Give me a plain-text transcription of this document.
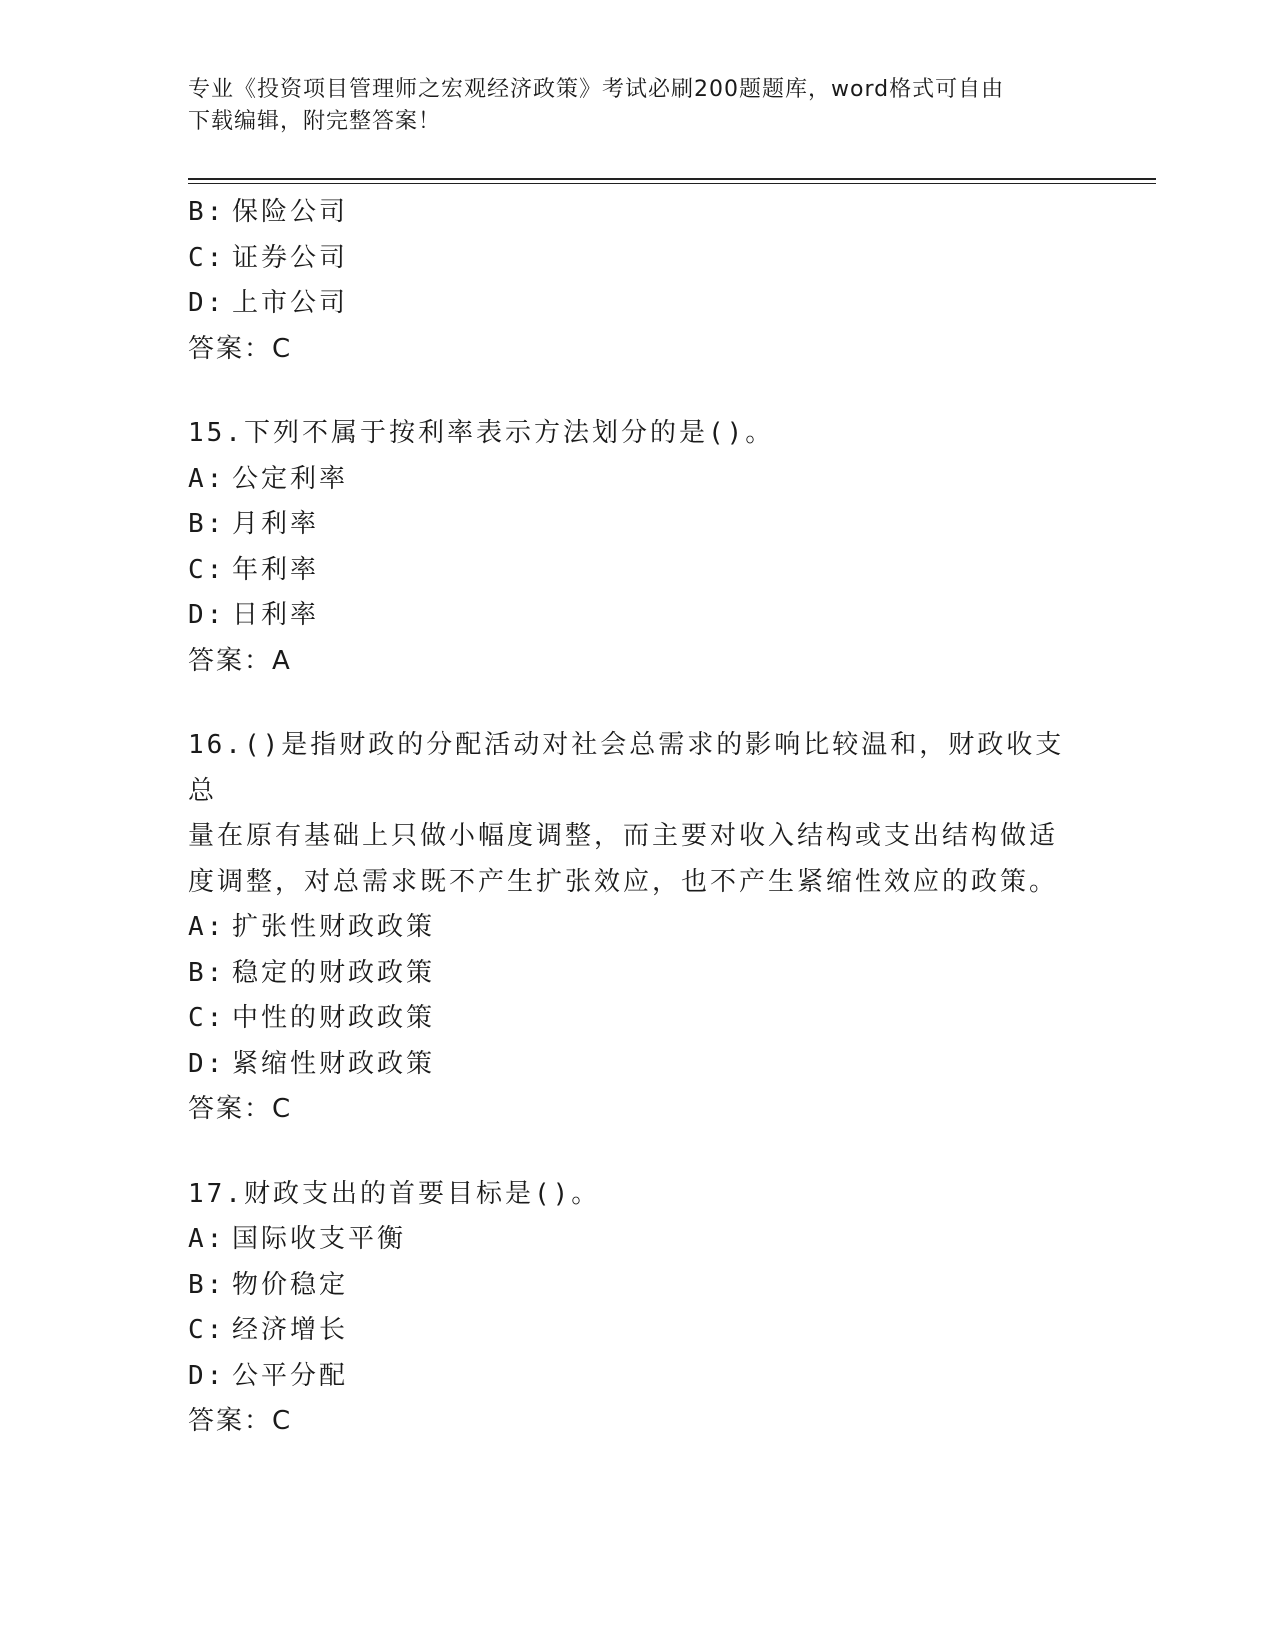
专业《投资项目管理师之宏观经济政策》考试必刷200题题库，word格式可自由
下载编辑，附完整答案！
B: 保险公司
C: 证券公司
D: 上市公司
答案：C
15.下列不属于按利率表示方法划分的是()。
A: 公定利率
B: 月利率
C: 年利率
D: 日利率
答案：A
16.()是指财政的分配活动对社会总需求的影响比较温和，财政收支总
量在原有基础上只做小幅度调整，而主要对收入结构或支出结构做适
度调整，对总需求既不产生扩张效应，也不产生紧缩性效应的政策。
A: 扩张性财政政策
B: 稳定的财政政策
C: 中性的财政政策
D: 紧缩性财政政策
答案：C
17.财政支出的首要目标是()。
A: 国际收支平衡
B: 物价稳定
C: 经济增长
D: 公平分配
答案：C
